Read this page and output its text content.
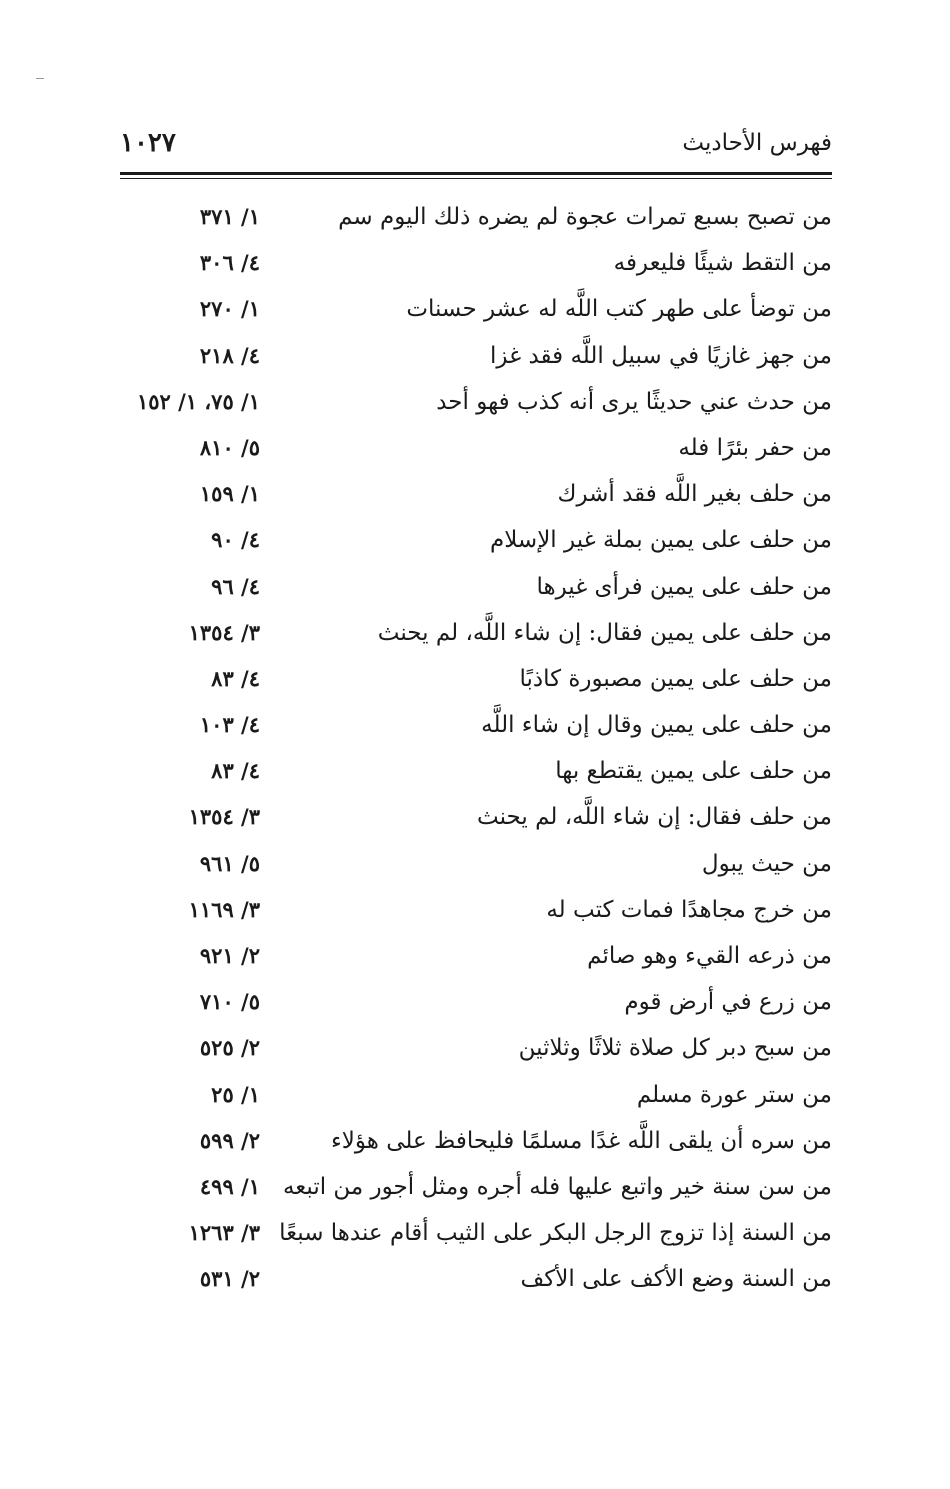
١٠٢٧	فهرس الأحاديث
من تصبح بسبع تمرات عجوة لم يضره ذلك اليوم سم
١/ ٣٧١
من التقط شيئًا فليعرفه
٤/ ٣٠٦
من توضأ على طهر كتب اللَّه له عشر حسنات
١/ ٢٧٠
من جهز غازيًا في سبيل اللَّه فقد غزا
٤/ ٢١٨
من حدث عني حديثًا يرى أنه كذب فهو أحد
١/ ٧٥، ١/ ١٥٢
من حفر بئرًا فله
٥/ ٨١٠
من حلف بغير اللَّه فقد أشرك
١/ ١٥٩
من حلف على يمين بملة غير الإسلام
٤/ ٩٠
من حلف على يمين فرأى غيرها
٤/ ٩٦
من حلف على يمين فقال: إن شاء اللَّه، لم يحنث
٣/ ١٣٥٤
من حلف على يمين مصبورة كاذبًا
٤/ ٨٣
من حلف على يمين وقال إن شاء اللَّه
٤/ ١٠٣
من حلف على يمين يقتطع بها
٤/ ٨٣
من حلف فقال: إن شاء اللَّه، لم يحنث
٣/ ١٣٥٤
من حيث يبول
٥/ ٩٦١
من خرج مجاهدًا فمات كتب له
٣/ ١١٦٩
من ذرعه القيء وهو صائم
٢/ ٩٢١
من زرع في أرض قوم
٥/ ٧١٠
من سبح دبر كل صلاة ثلاثًا وثلاثين
٢/ ٥٢٥
من ستر عورة مسلم
١/ ٢٥
من سره أن يلقى اللَّه غدًا مسلمًا فليحافظ على هؤلاء
٢/ ٥٩٩
من سن سنة خير واتبع عليها فله أجره ومثل أجور من اتبعه
١/ ٤٩٩
من السنة إذا تزوج الرجل البكر على الثيب أقام عندها سبعًا
٣/ ١٢٦٣
من السنة وضع الأكف على الأكف
٢/ ٥٣١
